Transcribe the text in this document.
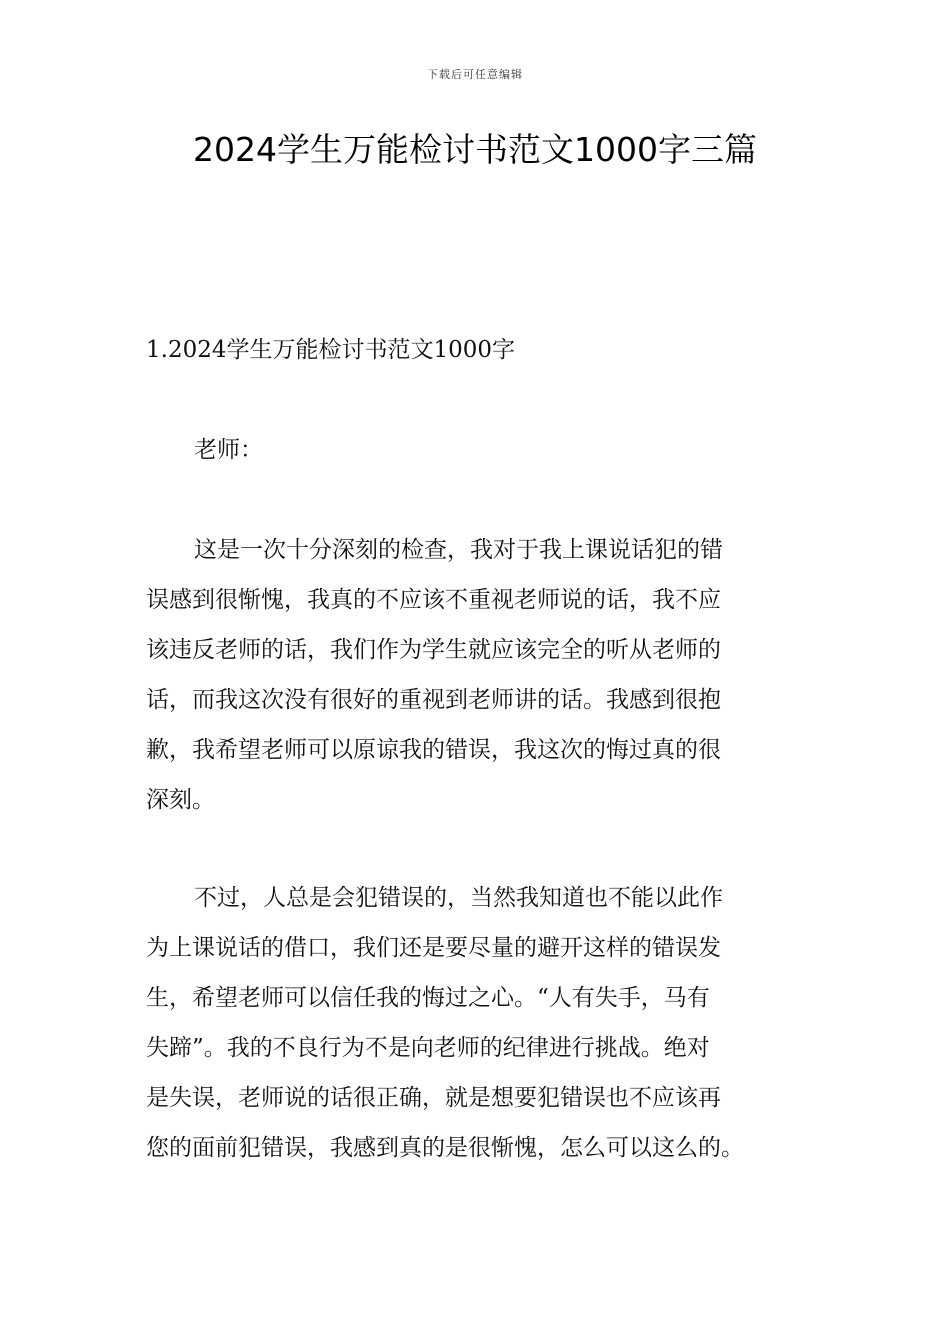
下载后可任意编辑
2024学生万能检讨书范文1000字三篇
1.2024学生万能检讨书范文1000字

老师：

这是一次十分深刻的检查，我对于我上课说话犯的错
误感到很惭愧，我真的不应该不重视老师说的话，我不应
该违反老师的话，我们作为学生就应该完全的听从老师的
话，而我这次没有很好的重视到老师讲的话。我感到很抱
歉，我希望老师可以原谅我的错误，我这次的悔过真的很
深刻。
不过，人总是会犯错误的，当然我知道也不能以此作
为上课说话的借口，我们还是要尽量的避开这样的错误发
生，希望老师可以信任我的悔过之心。“人有失手，马有
失蹄”。我的不良行为不是向老师的纪律进行挑战。绝对
是失误，老师说的话很正确，就是想要犯错误也不应该再
您的面前犯错误，我感到真的是很惭愧，怎么可以这么的。
